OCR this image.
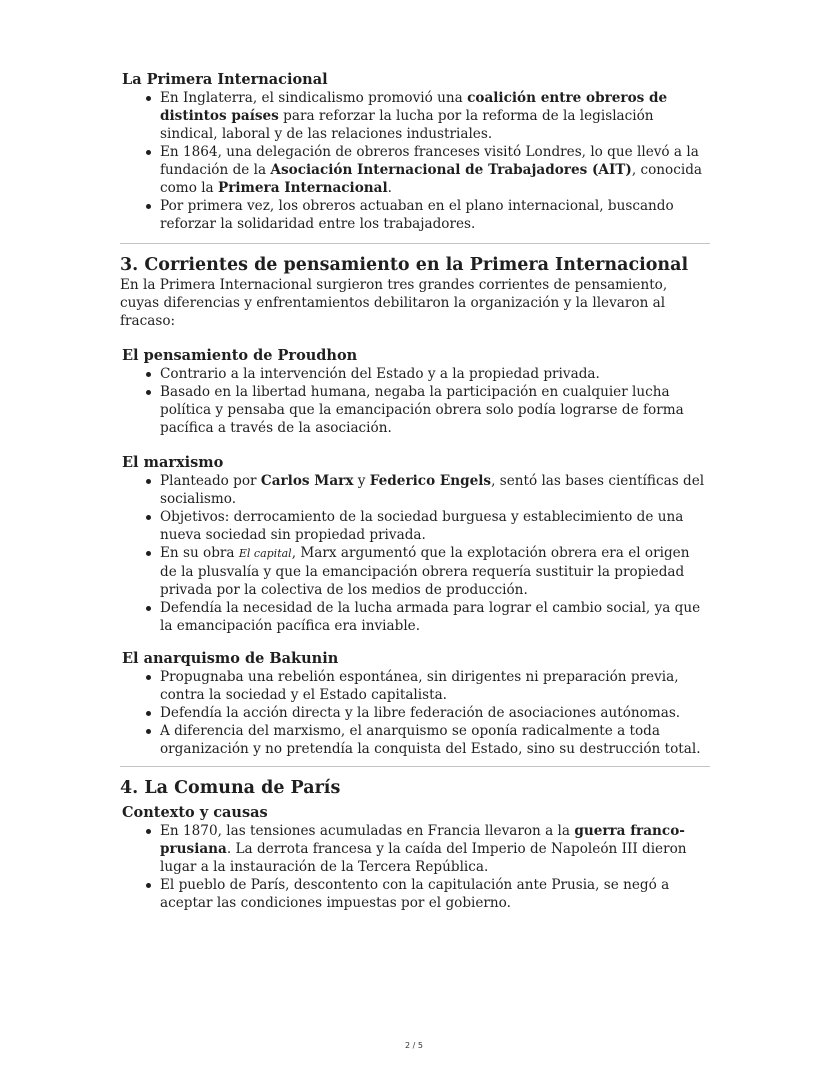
La Primera Internacional
En Inglaterra, el sindicalismo promovió una coalición entre obreros de distintos países para reforzar la lucha por la reforma de la legislación sindical, laboral y de las relaciones industriales.
En 1864, una delegación de obreros franceses visitó Londres, lo que llevó a la fundación de la Asociación Internacional de Trabajadores (AIT), conocida como la Primera Internacional.
Por primera vez, los obreros actuaban en el plano internacional, buscando reforzar la solidaridad entre los trabajadores.
3. Corrientes de pensamiento en la Primera Internacional

En la Primera Internacional surgieron tres grandes corrientes de pensamiento, cuyas diferencias y enfrentamientos debilitaron la organización y la llevaron al fracaso:

El pensamiento de Proudhon
Contrario a la intervención del Estado y a la propiedad privada.
Basado en la libertad humana, negaba la participación en cualquier lucha política y pensaba que la emancipación obrera solo podía lograrse de forma pacífica a través de la asociación.
El marxismo
Planteado por Carlos Marx y Federico Engels, sentó las bases científicas del socialismo.
Objetivos: derrocamiento de la sociedad burguesa y establecimiento de una nueva sociedad sin propiedad privada.
En su obra El capital, Marx argumentó que la explotación obrera era el origen de la plusvalía y que la emancipación obrera requería sustituir la propiedad privada por la colectiva de los medios de producción.
Defendía la necesidad de la lucha armada para lograr el cambio social, ya que la emancipación pacífica era inviable.
El anarquismo de Bakunin
Propugnaba una rebelión espontánea, sin dirigentes ni preparación previa, contra la sociedad y el Estado capitalista.
Defendía la acción directa y la libre federación de asociaciones autónomas.
A diferencia del marxismo, el anarquismo se oponía radicalmente a toda organización y no pretendía la conquista del Estado, sino su destrucción total.
4. La Comuna de París
Contexto y causas
En 1870, las tensiones acumuladas en Francia llevaron a la guerra franco-prusiana. La derrota francesa y la caída del Imperio de Napoleón III dieron lugar a la instauración de la Tercera República.
El pueblo de París, descontento con la capitulación ante Prusia, se negó a aceptar las condiciones impuestas por el gobierno.
2 / 5
